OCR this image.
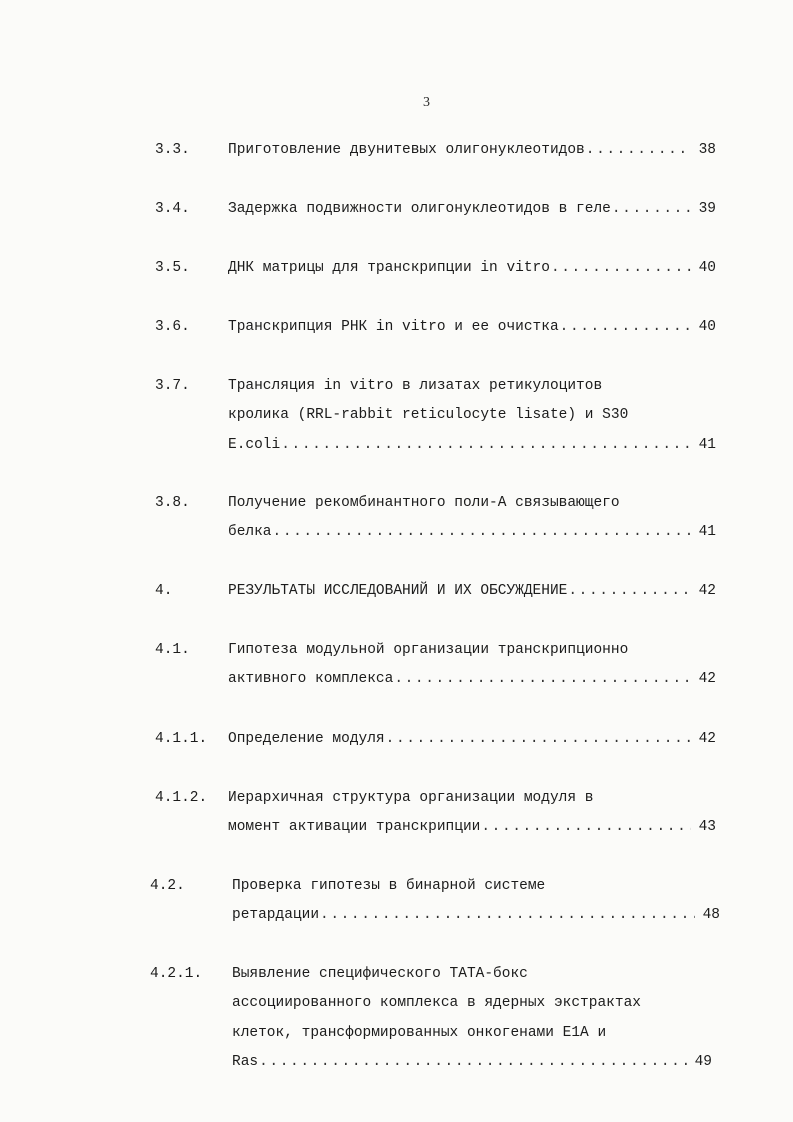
3
3.3.	Приготовление двунитевых олигонуклеотидов .....	38
3.4.	Задержка подвижности олигонуклеотидов в геле .....	39
3.5.	ДНК матрицы для транскрипции in vitro .....	40
3.6.	Транскрипция РНК in vitro и ее очистка .....	40
3.7.	Трансляция in vitro в лизатах ретикулоцитов
кролика (RRL-rabbit reticulocyte lisate) и S30
E.coli .....	41
3.8.	Получение рекомбинантного поли-А связывающего
белка .....	41
4.	РЕЗУЛЬТАТЫ ИССЛЕДОВАНИЙ И ИХ ОБСУЖДЕНИЕ .....	42
4.1.	Гипотеза модульной организации транскрипционно
активного комплекса .....	42
4.1.1. Определение модуля .....	42
4.1.2. Иерархичная структура организации модуля в
момент активации транскрипции .....	43
4.2.	Проверка гипотезы в бинарной системе
ретардации .....	48
4.2.1. Выявление специфического ТАТА-бокс
ассоциированного комплекса в ядерных экстрактах
клеток, трансформированных онкогенами E1A и
Ras .....	49
